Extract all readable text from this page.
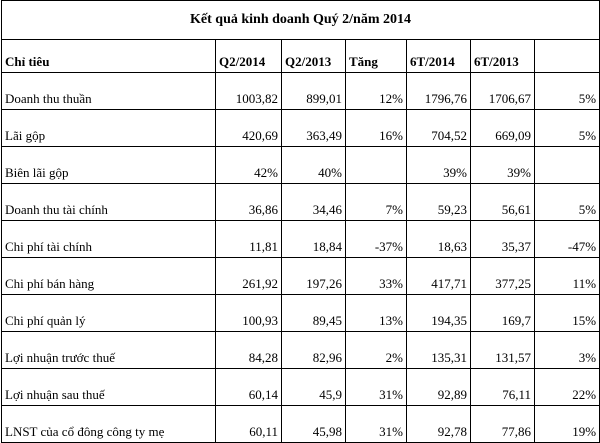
Kết quả kinh doanh Quý 2/năm 2014						
Chỉ tiêu	Q2/2014	Q2/2013	Tăng	6T/2014	6T/2013	
Doanh thu thuần	1003,82	899,01	12%	1796,76	1706,67	5%
Lãi gộp	420,69	363,49	16%	704,52	669,09	5%
Biên lãi gộp	42%	40%		39%	39%	
Doanh thu tài chính	36,86	34,46	7%	59,23	56,61	5%
Chi phí tài chính	11,81	18,84	-37%	18,63	35,37	-47%
Chi phí bán hàng	261,92	197,26	33%	417,71	377,25	11%
Chi phí quản lý	100,93	89,45	13%	194,35	169,7	15%
Lợi nhuận trước thuế	84,28	82,96	2%	135,31	131,57	3%
Lợi nhuận sau thuế	60,14	45,9	31%	92,89	76,11	22%
LNST của cổ đông công ty mẹ	60,11	45,98	31%	92,78	77,86	19%
